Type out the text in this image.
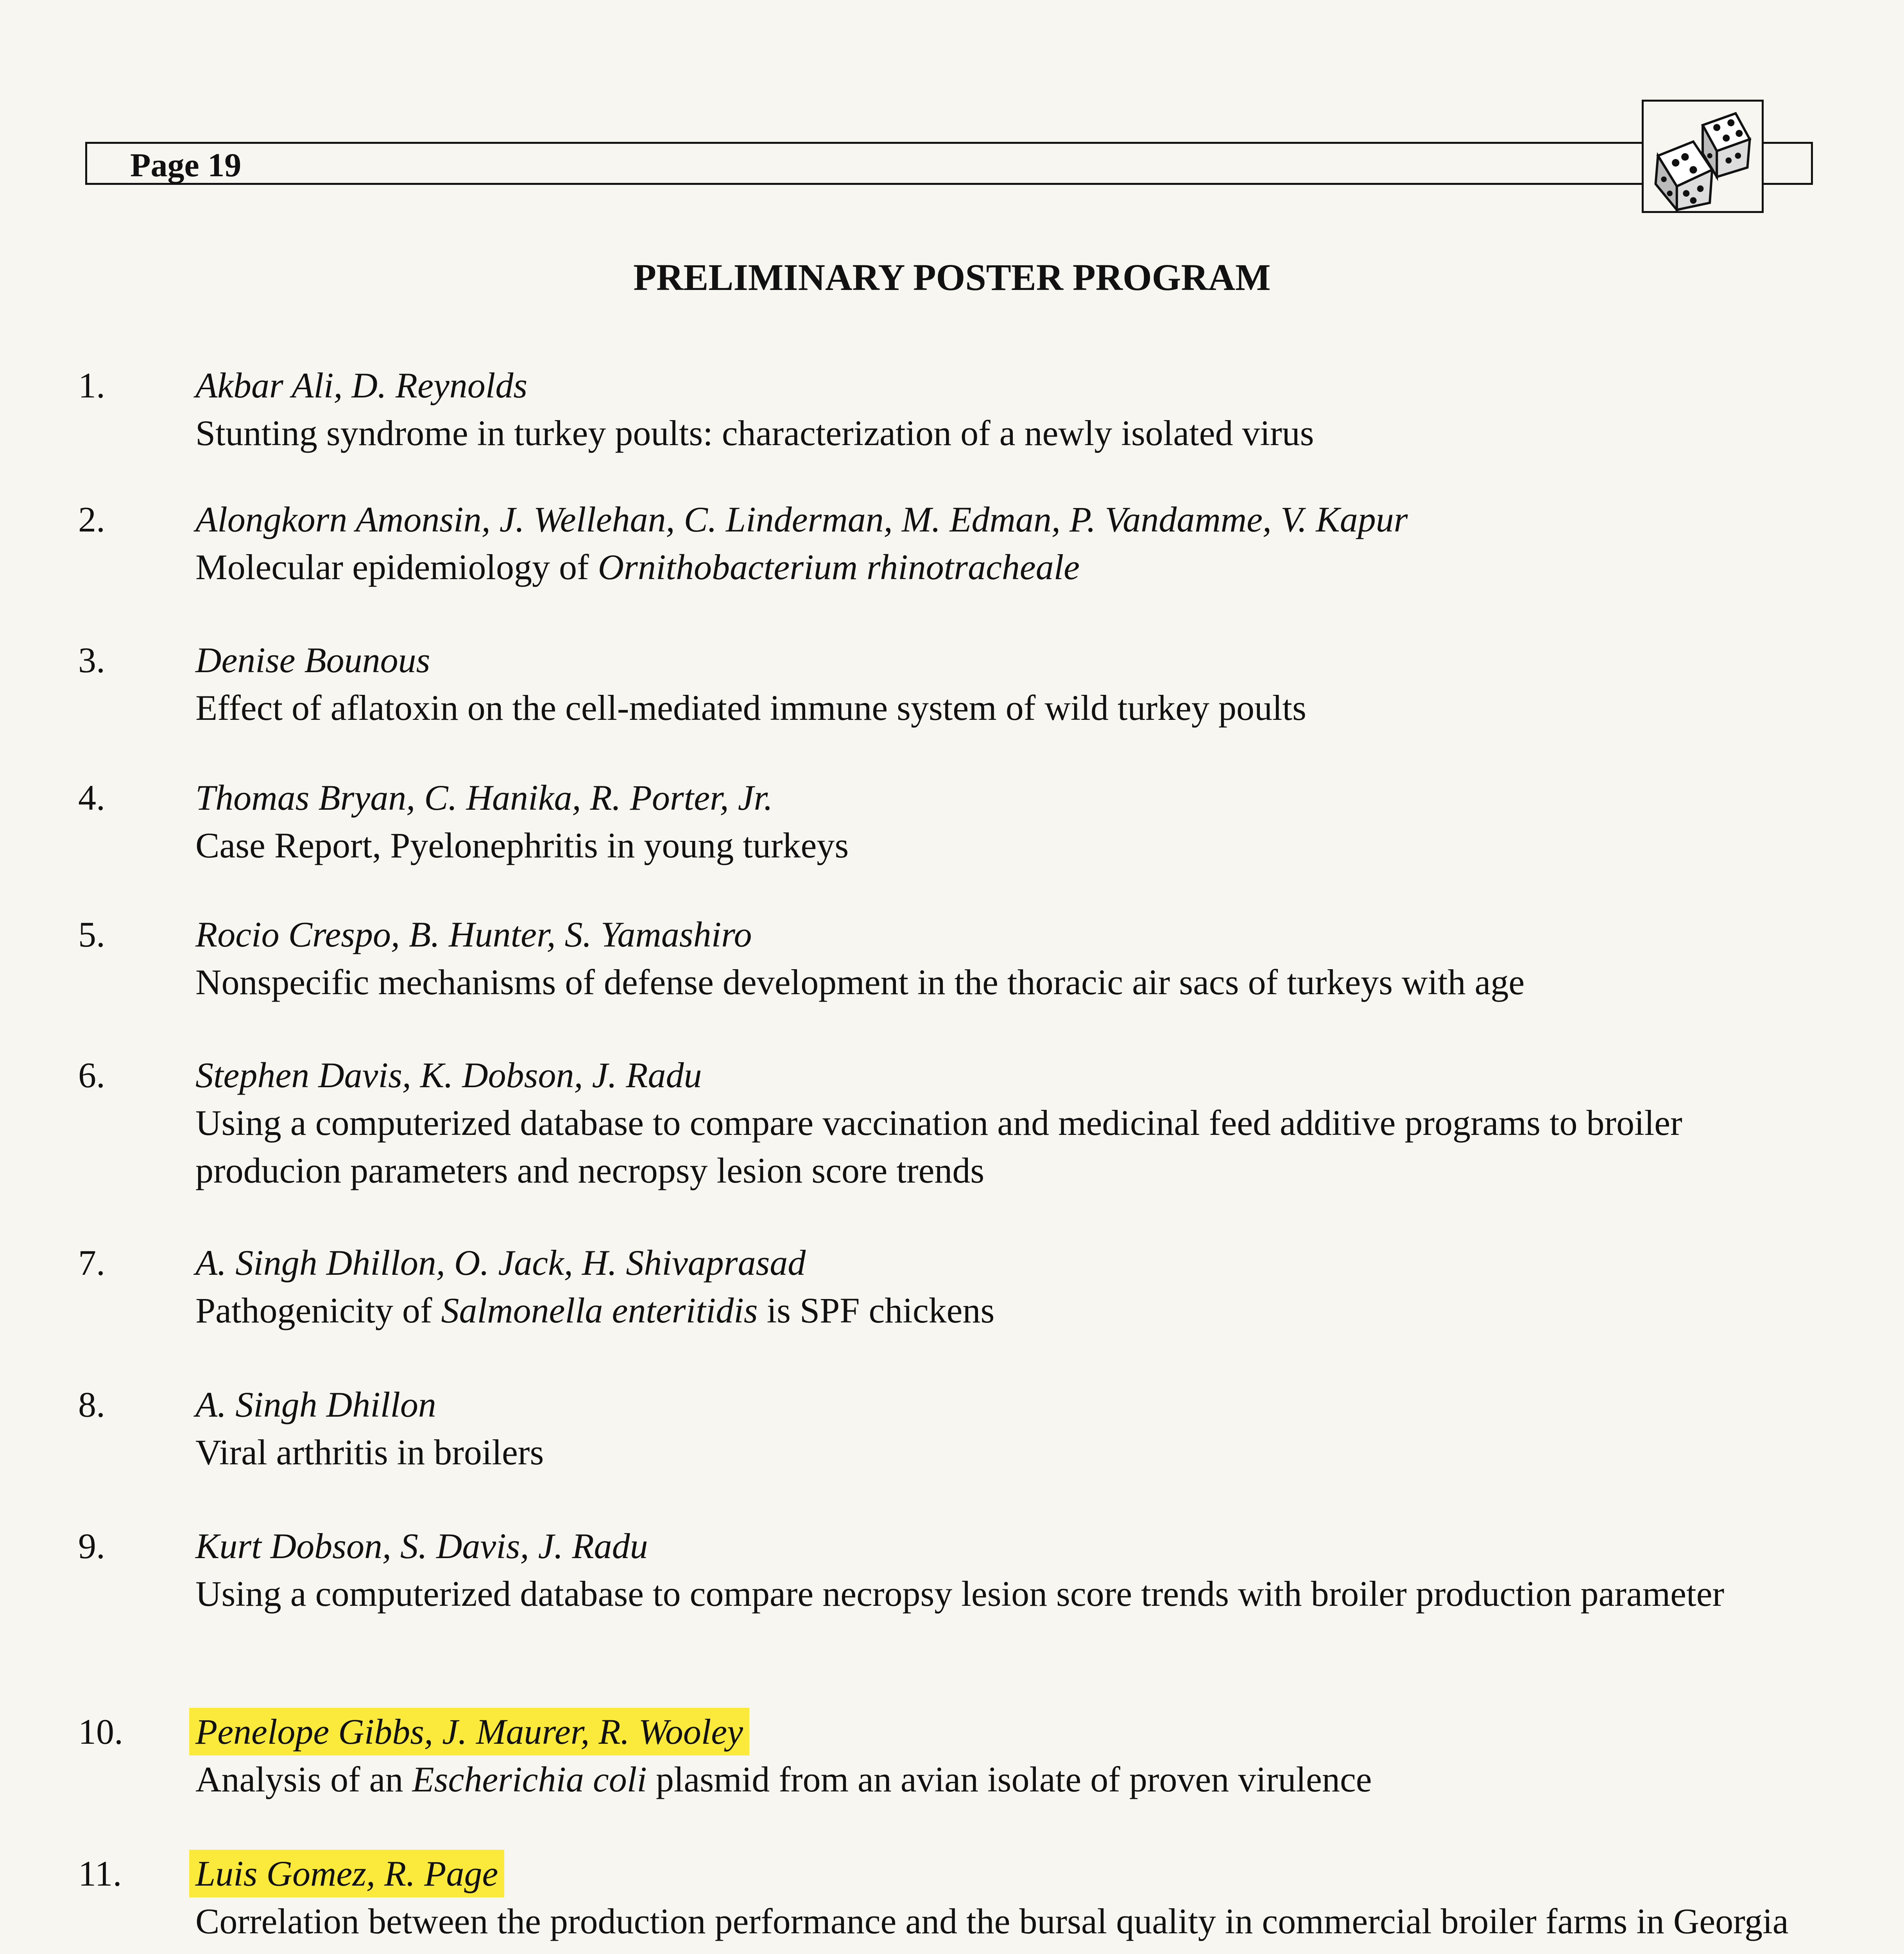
Page 19
PRELIMINARY POSTER PROGRAM
1.	Akbar Ali, D. Reynolds
Stunting syndrome in turkey poults: characterization of a newly isolated virus
2.	Alongkorn Amonsin, J. Wellehan, C. Linderman, M. Edman, P. Vandamme, V. Kapur
Molecular epidemiology of Ornithobacterium rhinotracheale
3.	Denise Bounous
Effect of aflatoxin on the cell-mediated immune system of wild turkey poults
4.	Thomas Bryan, C. Hanika, R. Porter, Jr.
Case Report, Pyelonephritis in young turkeys
5.	Rocio Crespo, B. Hunter, S. Yamashiro
Nonspecific mechanisms of defense development in the thoracic air sacs of turkeys with age
6.	Stephen Davis, K. Dobson, J. Radu
Using a computerized database to compare vaccination and medicinal feed additive programs to broiler producion parameters and necropsy lesion score trends
7.	A. Singh Dhillon, O. Jack, H. Shivaprasad
Pathogenicity of Salmonella enteritidis is SPF chickens
8.	A. Singh Dhillon
Viral arthritis in broilers
9.	Kurt Dobson, S. Davis, J. Radu
Using a computerized database to compare necropsy lesion score trends with broiler production parameter
10. Penelope Gibbs, J. Maurer, R. Wooley
Analysis of an Escherichia coli plasmid from an avian isolate of proven virulence
11. Luis Gomez, R. Page
Correlation between the production performance and the bursal quality in commercial broiler farms in Georgia
